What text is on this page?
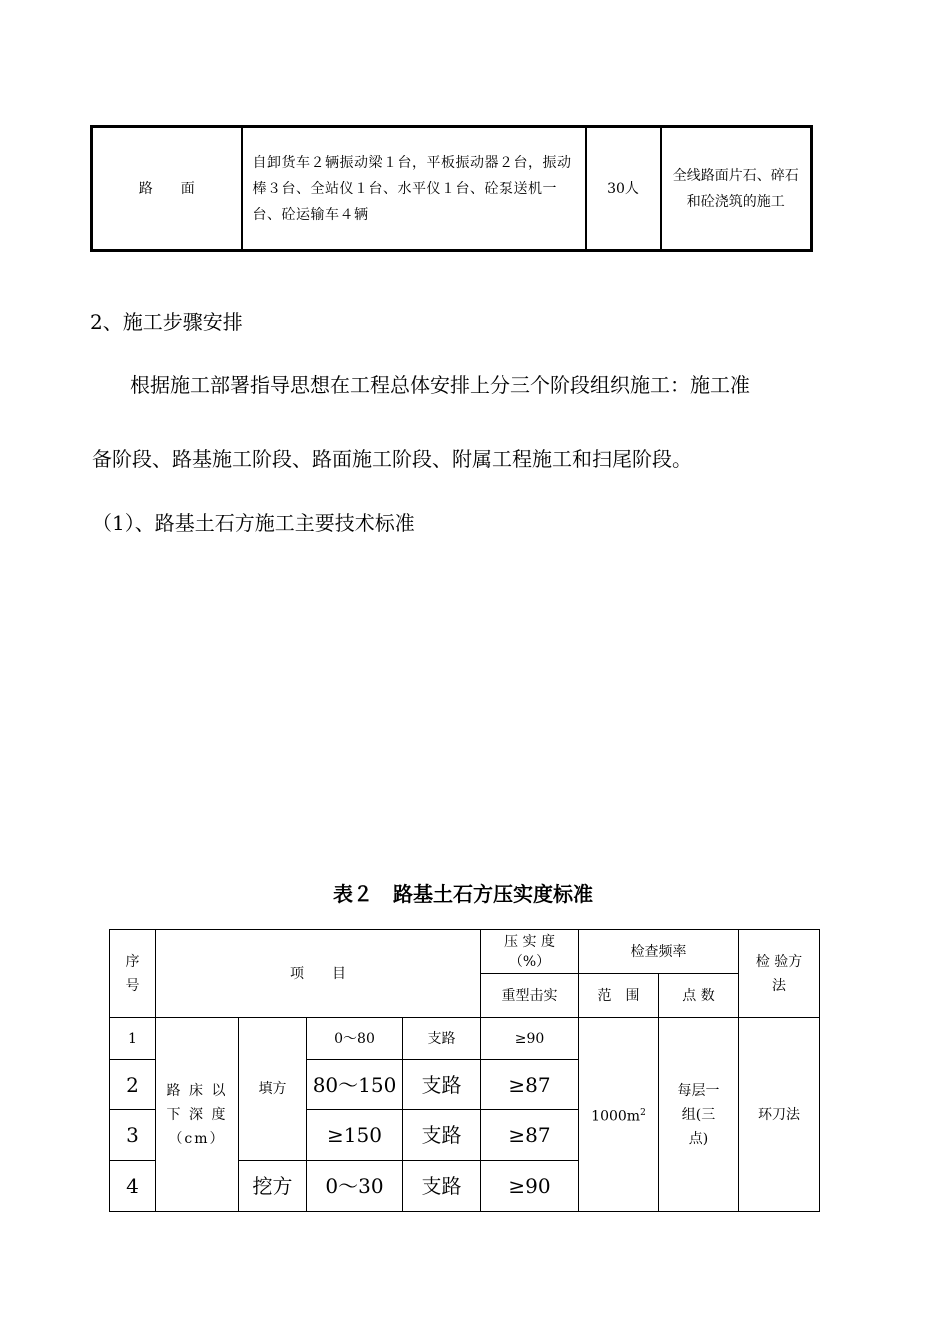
路　　面	自卸货车２辆振动梁１台，平板振动器２台，振动棒３台、全站仪１台、水平仪１台、砼泵送机一台、砼运输车４辆	30人	全线路面片石、碎石和砼浇筑的施工
2、施工步骤安排
根据施工部署指导思想在工程总体安排上分三个阶段组织施工：施工准
备阶段、路基施工阶段、路面施工阶段、附属工程施工和扫尾阶段。
（1）、路基土石方施工主要技术标准
表２　路基土石方压实度标准
序号	项　　目				压 实 度（%）	检查频率		检 验方 法
					重型击实	范　围	点 数	
1	路 床 以下 深 度（cm）	填方	0～80	支路	≥90	$1000m^2$	每层一组(三点)	环刀法
2			80～150	支路	≥87			
3			≥150	支路	≥87			
4		挖方	0～30	支路	≥90			
